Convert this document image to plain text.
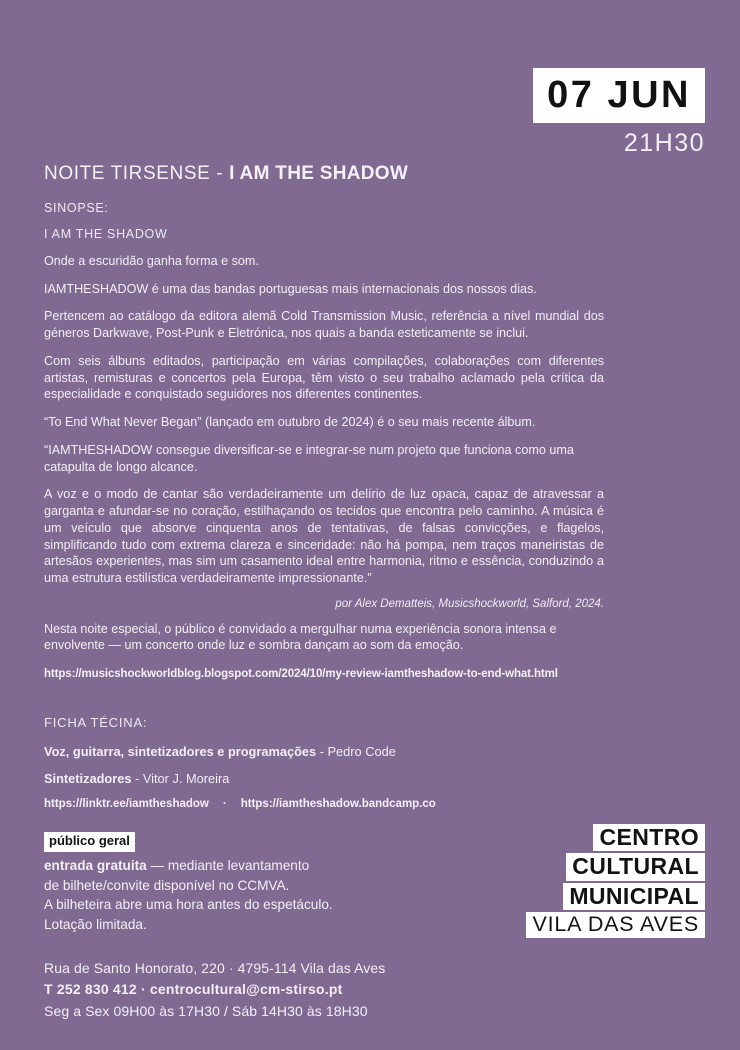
07 JUN
21H30
NOITE TIRSENSE - I AM THE SHADOW
SINOPSE:
I AM THE SHADOW

Onde a escuridão ganha forma e som.

IAMTHESHADOW é uma das bandas portuguesas mais internacionais dos nossos dias.

Pertencem ao catálogo da editora alemã Cold Transmission Music, referência a nível mundial dos géneros Darkwave, Post-Punk e Eletrónica, nos quais a banda esteticamente se inclui.

Com seis álbuns editados, participação em várias compilações, colaborações com diferentes artistas, remisturas e concertos pela Europa, têm visto o seu trabalho aclamado pela crítica da especialidade e conquistado seguidores nos diferentes continentes.

“To End What Never Began” (lançado em outubro de 2024) é o seu mais recente álbum.

“IAMTHESHADOW consegue diversificar-se e integrar-se num projeto que funciona como uma catapulta de longo alcance.

A voz e o modo de cantar são verdadeiramente um delírio de luz opaca, capaz de atravessar a garganta e afundar-se no coração, estilhaçando os tecidos que encontra pelo caminho. A música é um veículo que absorve cinquenta anos de tentativas, de falsas convicções, e flagelos, simplificando tudo com extrema clareza e sinceridade: não há pompa, nem traços maneiristas de artesãos experientes, mas sim um casamento ideal entre harmonia, ritmo e essência, conduzindo a uma estrutura estilística verdadeiramente impressionante.”

por Alex Dematteis, Musicshockworld, Salford, 2024.

Nesta noite especial, o público é convidado a mergulhar numa experiência sonora intensa e envolvente — um concerto onde luz e sombra dançam ao som da emoção.

https://musicshockworldblog.blogspot.com/2024/10/my-review-iamtheshadow-to-end-what.html

FICHA TÉCINA:
Voz, guitarra, sintetizadores e programações - Pedro Code
Sintetizadores - Vitor J. Moreira
https://linktr.ee/iamtheshadow · https://iamtheshadow.bandcamp.co
público geral
entrada gratuita — mediante levantamento
de bilhete/convite disponível no CCMVA.
A bilheteira abre uma hora antes do espetáculo.
Lotação limitada.
CENTRO
CULTURAL
MUNICIPAL
VILA DAS AVES
Rua de Santo Honorato, 220 · 4795-114 Vila das Aves
T 252 830 412 · centrocultural@cm-stirso.pt
Seg a Sex 09H00 às 17H30 / Sáb 14H30 às 18H30
